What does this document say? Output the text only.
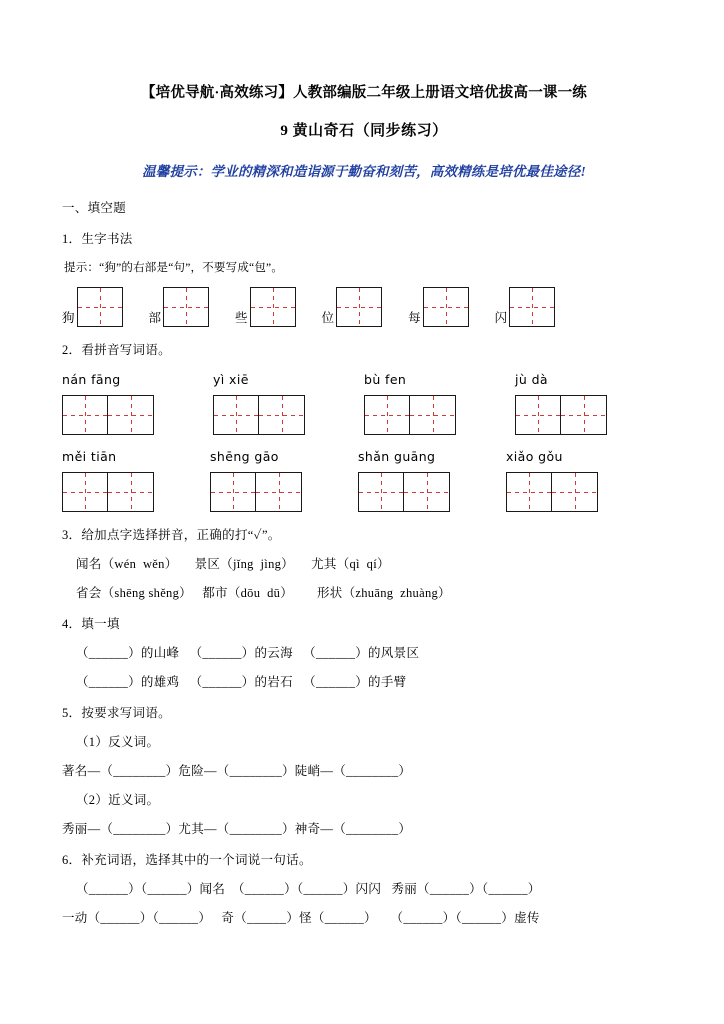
【培优导航·高效练习】人教部编版二年级上册语文培优拔高一课一练
9 黄山奇石（同步练习）
温馨提示：学业的精深和造诣源于勤奋和刻苦，高效精练是培优最佳途径!
一、填空题
1．生字书法
提示：“狗”的右部是“句”，不要写成“包”。
狗	部	些	位	每	闪
2．看拼音写词语。
nán fāng	yì xiē	bù fen	jù dà
měi tiān	shēng gāo	shǎn guāng	xiǎo gǒu
3．给加点字选择拼音，正确的打“✓”。
闻名（wén  wěn）     景区（jǐng  jìng）     尤其（qì  qí）
省会（shēng shěng）   都市（dōu  dū）       形状（zhuāng  zhuàng）
4．填一填
（______）的山峰   （______）的云海   （______）的风景区
（______）的雄鸡   （______）的岩石   （______）的手臂
5．按要求写词语。
（1）反义词。
著名—（________）危险—（________）陡峭—（________）
（2）近义词。
秀丽—（________）尤其—（________）神奇—（________）
6．补充词语，选择其中的一个词说一句话。
（______）（______）闻名  （______）（______）闪闪   秀丽（______）（______）
一动（______）（______）   奇（______）怪（______）    （______）（______）虚传
